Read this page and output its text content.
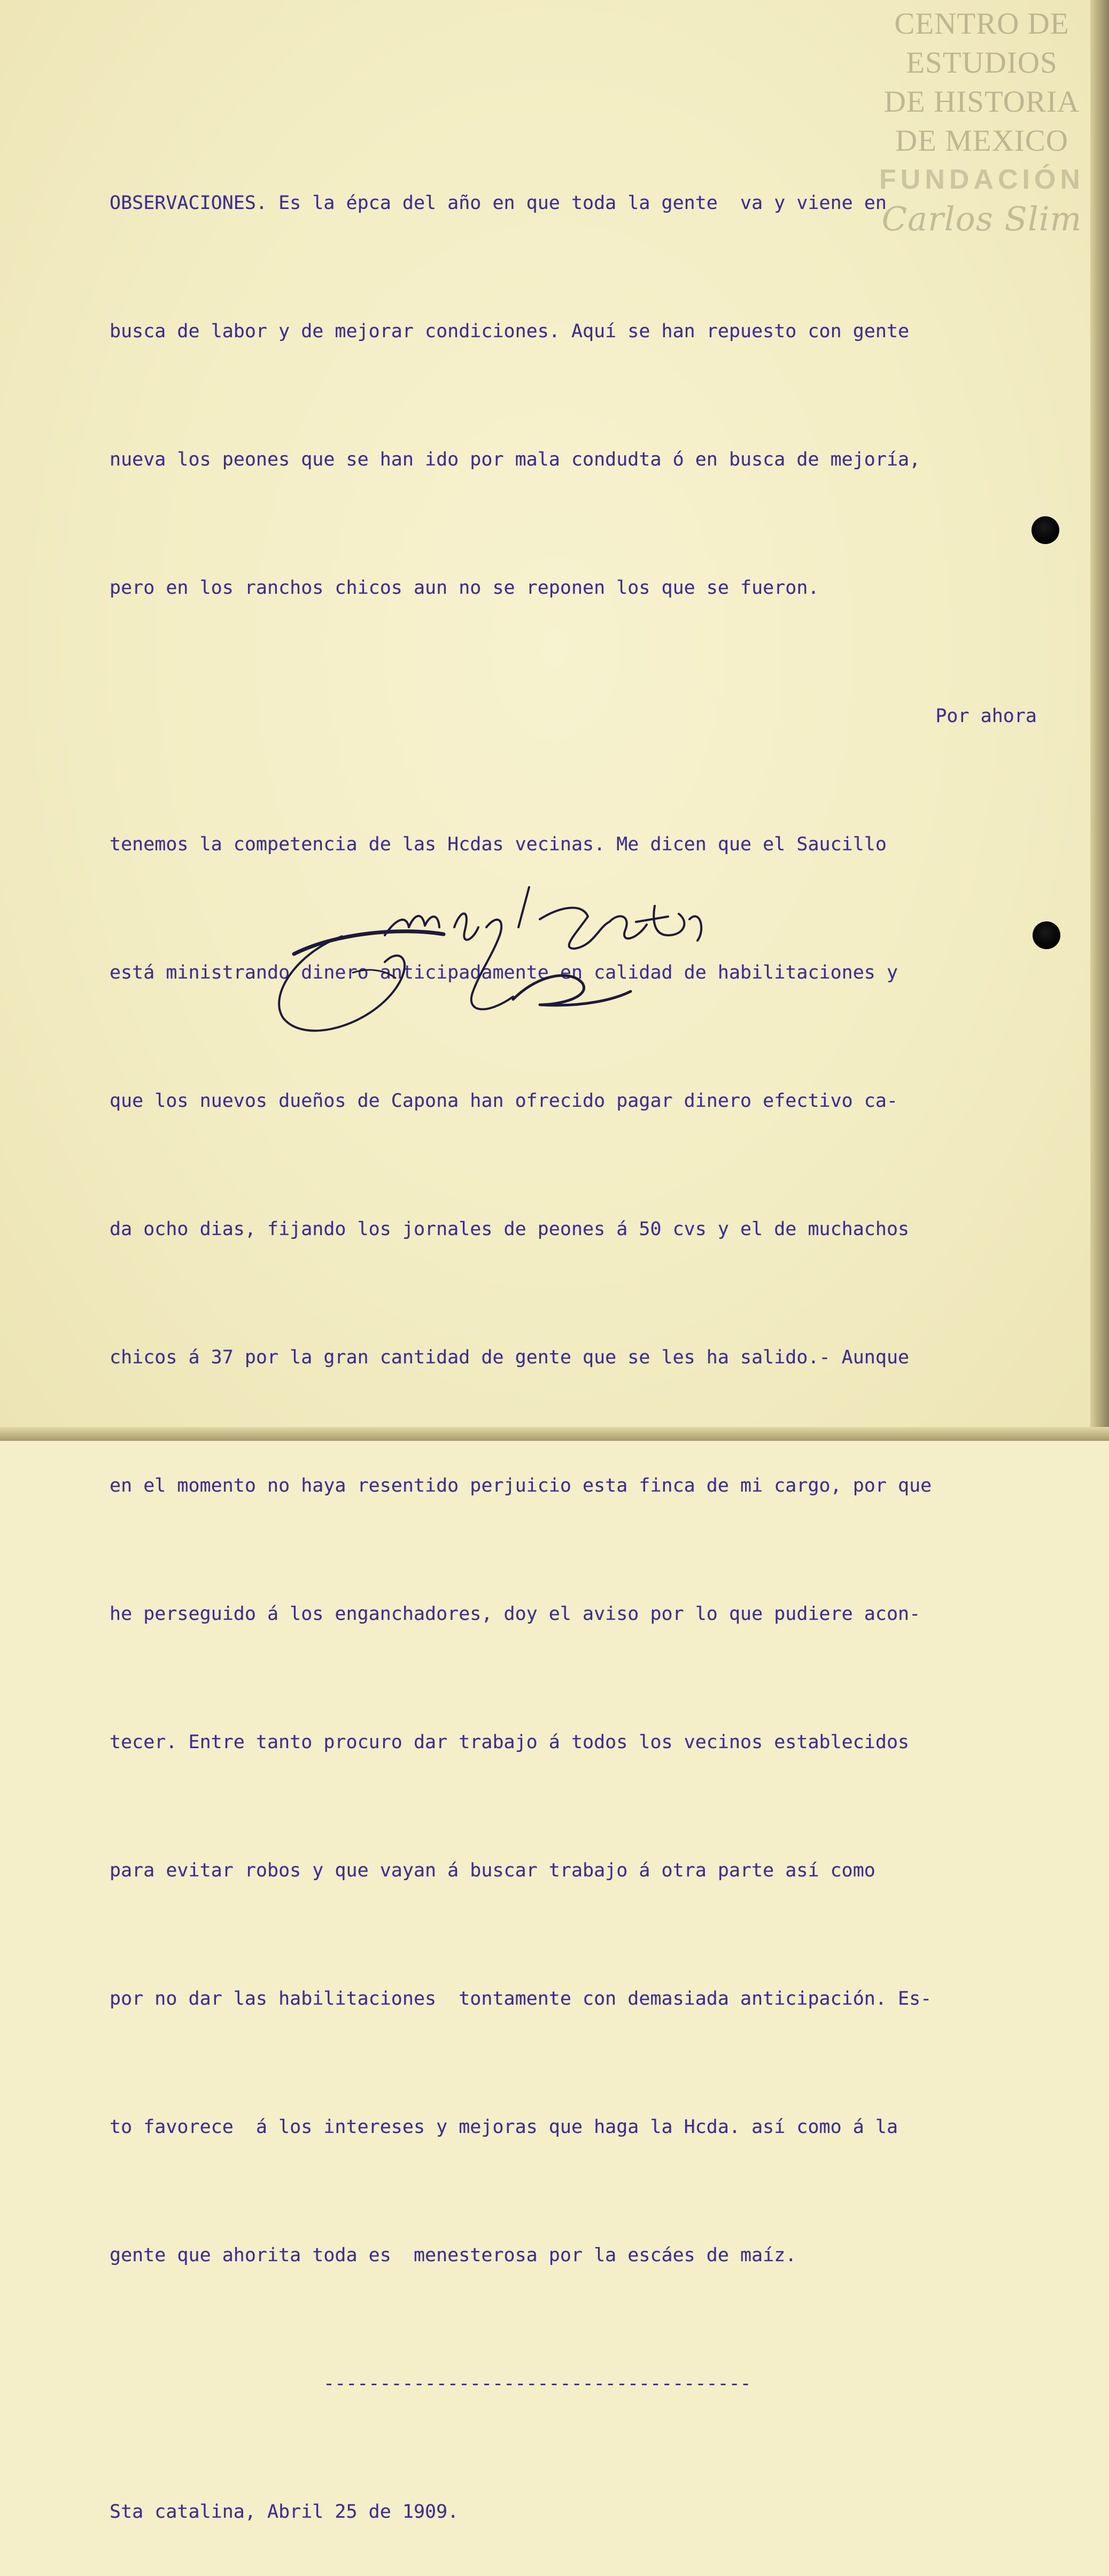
CENTRO DE
ESTUDIOS
DE HISTORIA
DE MEXICO
FUNDACIÓN
Carlos Slim

OBSERVACIONES. Es la épca del año en que toda la gente  va y viene en

busca de labor y de mejorar condiciones. Aquí se han repuesto con gente

nueva los peones que se han ido por mala condudta ó en busca de mejoría,

pero en los ranchos chicos aun no se reponen los que se fueron.

Por ahora

tenemos la competencia de las Hcdas vecinas. Me dicen que el Saucillo

está ministrando dinero anticipadamente en calidad de habilitaciones y

que los nuevos dueños de Capona han ofrecido pagar dinero efectivo ca-

da ocho dias, fijando los jornales de peones á 50 cvs y el de muchachos

chicos á 37 por la gran cantidad de gente que se les ha salido.- Aunque

en el momento no haya resentido perjuicio esta finca de mi cargo, por que

he perseguido á los enganchadores, doy el aviso por lo que pudiere acon-

tecer. Entre tanto procuro dar trabajo á todos los vecinos establecidos

para evitar robos y que vayan á buscar trabajo á otra parte así como

por no dar las habilitaciones  tontamente con demasiada anticipación. Es-

to favorece  á los intereses y mejoras que haga la Hcda. así como á la

gente que ahorita toda es  menesterosa por la escáes de maíz.

--------------------------------------

Sta catalina, Abril 25 de 1909.
